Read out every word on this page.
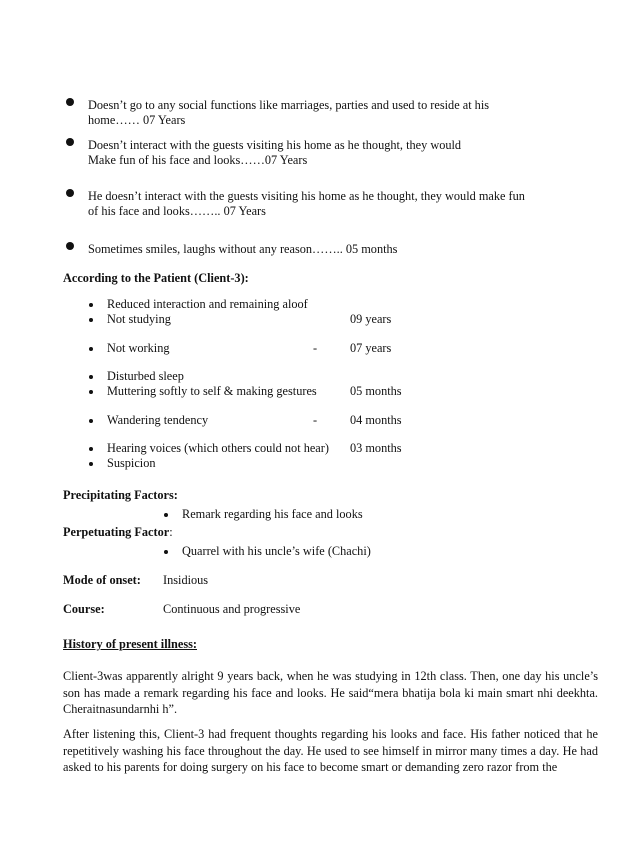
Doesn’t go to any social functions like marriages, parties and used to reside at his
home…… 07 Years
Doesn’t interact with the guests visiting his home as he thought, they would
Make fun of his face and looks……07 Years
He doesn’t interact with the guests visiting his home as he thought, they would make fun
of his face and looks…….. 07 Years
Sometimes smiles, laughs without any reason…….. 05 months
According to the Patient (Client-3):
Reduced interaction and remaining aloof
Not studying	09 years
Not working	-	07 years
Disturbed sleep
Muttering softly to self & making gestures	05 months
Wandering tendency	-	04 months
Hearing voices (which others could not hear) 03 months
Suspicion
Precipitating Factors:
Remark regarding his face and looks
Perpetuating Factor:
Quarrel with his uncle’s wife (Chachi)
Mode of onset: Insidious
Course:	Continuous and progressive
History of present illness:
Client-3was apparently alright 9 years back, when he was studying in 12th class. Then, one day his uncle’s son has made a remark regarding his face and looks. He said“mera bhatija bola ki main smart nhi deekhta. Cheraitnasundarnhi h”.
After listening this, Client-3 had frequent thoughts regarding his looks and face. His father noticed that he repetitively washing his face throughout the day. He used to see himself in mirror many times a day. He had asked to his parents for doing surgery on his face to become smart or demanding zero razor from the
